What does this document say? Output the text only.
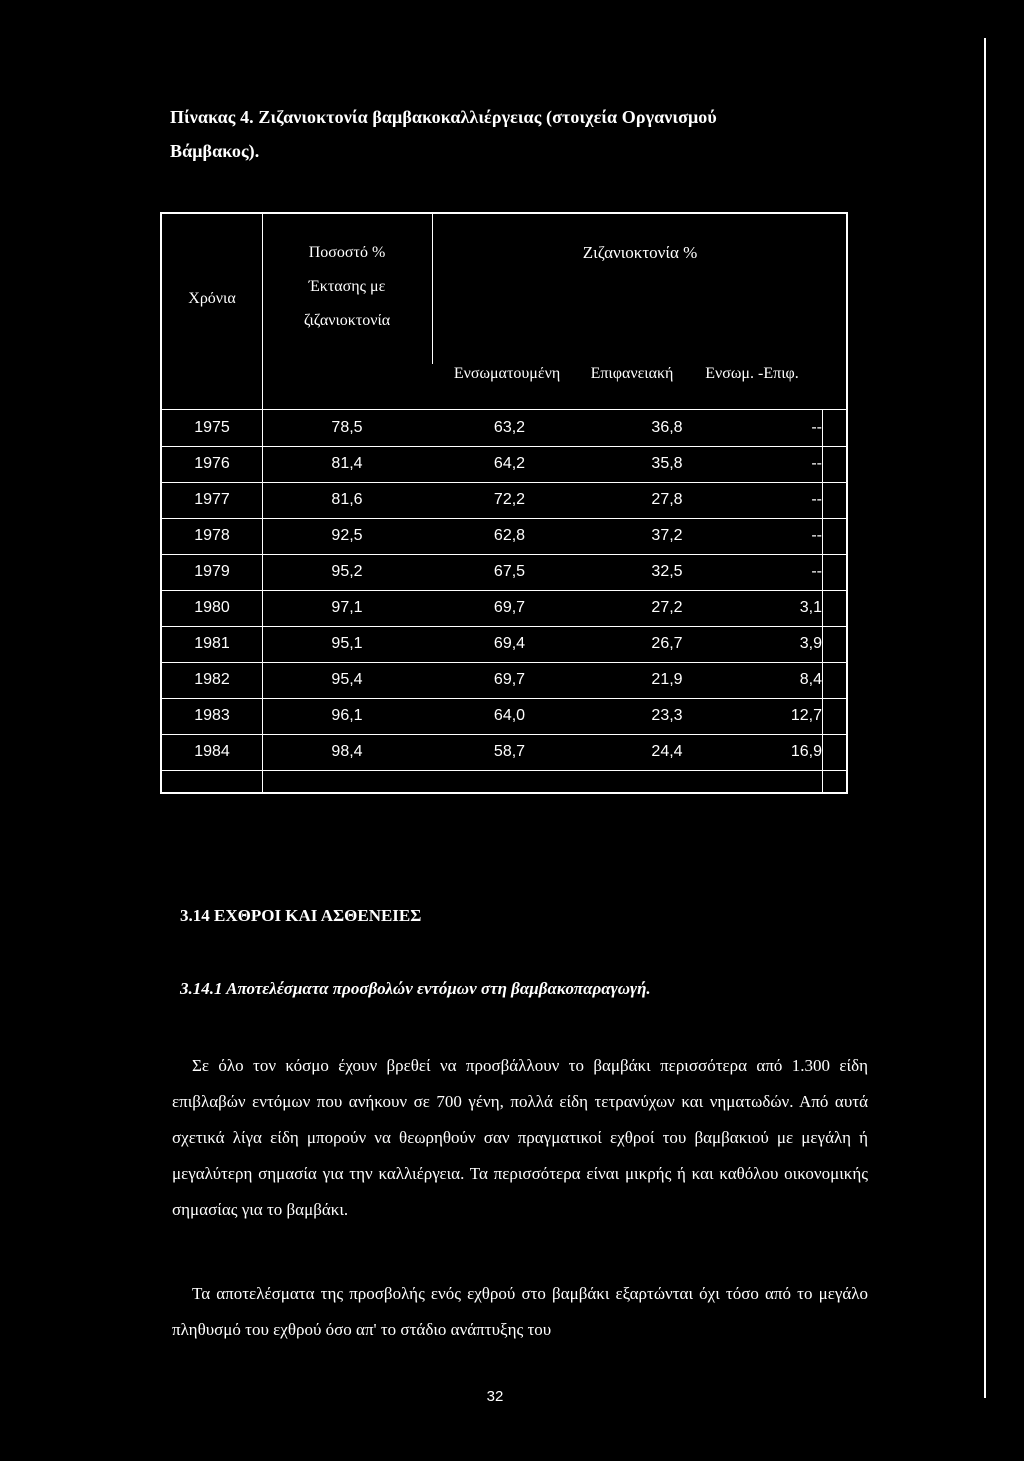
Πίνακας 4. Ζιζανιοκτονία βαμβακοκαλλιέργειας (στοιχεία Οργανισμού
Βάμβακος).
Χρόνια
Ποσοστό %
Έκτασης με
ζιζανιοκτονία
Ζιζανιοκτονία %
Ενσωματουμένη	Επιφανειακή	Ενσωμ. -Επιφ.
1975	78,5	63,2	36,8	--
1976	81,4	64,2	35,8	--
1977	81,6	72,2	27,8	--
1978	92,5	62,8	37,2	--
1979	95,2	67,5	32,5	--
1980	97,1	69,7	27,2	3,1
1981	95,1	69,4	26,7	3,9
1982	95,4	69,7	21,9	8,4
1983	96,1	64,0	23,3	12,7
1984	98,4	58,7	24,4	16,9
3.14 ΕΧΘΡΟΙ ΚΑΙ ΑΣΘΕΝΕΙΕΣ
3.14.1 Αποτελέσματα προσβολών εντόμων στη βαμβακοπαραγωγή.
Σε όλο τον κόσμο έχουν βρεθεί να προσβάλλουν το βαμβάκι περισσότερα από 1.300 είδη επιβλαβών εντόμων που ανήκουν σε 700 γένη, πολλά είδη τετρανύχων και νηματωδών. Από αυτά σχετικά λίγα είδη μπορούν να θεωρηθούν σαν πραγματικοί εχθροί του βαμβακιού με μεγάλη ή μεγαλύτερη σημασία για την καλλιέργεια. Τα περισσότερα είναι μικρής ή και καθόλου οικονομικής σημασίας για το βαμβάκι.
Τα αποτελέσματα της προσβολής ενός εχθρού στο βαμβάκι εξαρτώνται όχι τόσο από το μεγάλο πληθυσμό του εχθρού όσο απ' το στάδιο ανάπτυξης του
32
